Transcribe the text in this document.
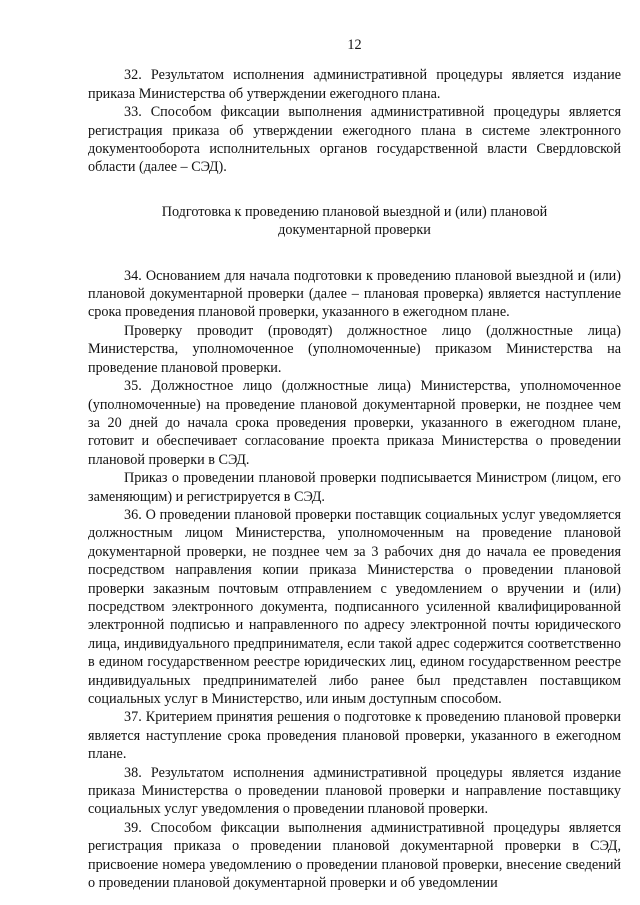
12

32. Результатом исполнения административной процедуры является издание приказа Министерства об утверждении ежегодного плана.

33. Способом фиксации выполнения административной процедуры является регистрация приказа об утверждении ежегодного плана в системе электронного документооборота исполнительных органов государственной власти Свердловской области (далее – СЭД).

Подготовка к проведению плановой выездной и (или) плановой
документарной проверки

34. Основанием для начала подготовки к проведению плановой выездной и (или) плановой документарной проверки (далее – плановая проверка) является наступление срока проведения плановой проверки, указанного в ежегодном плане.

Проверку проводит (проводят) должностное лицо (должностные лица) Министерства, уполномоченное (уполномоченные) приказом Министерства на проведение плановой проверки.

35. Должностное лицо (должностные лица) Министерства, уполномоченное (уполномоченные) на проведение плановой документарной проверки, не позднее чем за 20 дней до начала срока проведения проверки, указанного в ежегодном плане, готовит и обеспечивает согласование проекта приказа Министерства о проведении плановой проверки в СЭД.

Приказ о проведении плановой проверки подписывается Министром (лицом, его заменяющим) и регистрируется в СЭД.

36. О проведении плановой проверки поставщик социальных услуг уведомляется должностным лицом Министерства, уполномоченным на проведение плановой документарной проверки, не позднее чем за 3 рабочих дня до начала ее проведения посредством направления копии приказа Министерства о проведении плановой проверки заказным почтовым отправлением с уведомлением о вручении и (или) посредством электронного документа, подписанного усиленной квалифицированной электронной подписью и направленного по адресу электронной почты юридического лица, индивидуального предпринимателя, если такой адрес содержится соответственно в едином государственном реестре юридических лиц, едином государственном реестре индивидуальных предпринимателей либо ранее был представлен поставщиком социальных услуг в Министерство, или иным доступным способом.

37. Критерием принятия решения о подготовке к проведению плановой проверки является наступление срока проведения плановой проверки, указанного в ежегодном плане.

38. Результатом исполнения административной процедуры является издание приказа Министерства о проведении плановой проверки и направление поставщику социальных услуг уведомления о проведении плановой проверки.

39. Способом фиксации выполнения административной процедуры является регистрация приказа о проведении плановой документарной проверки в СЭД, присвоение номера уведомлению о проведении плановой проверки, внесение сведений о проведении плановой документарной проверки и об уведомлении
